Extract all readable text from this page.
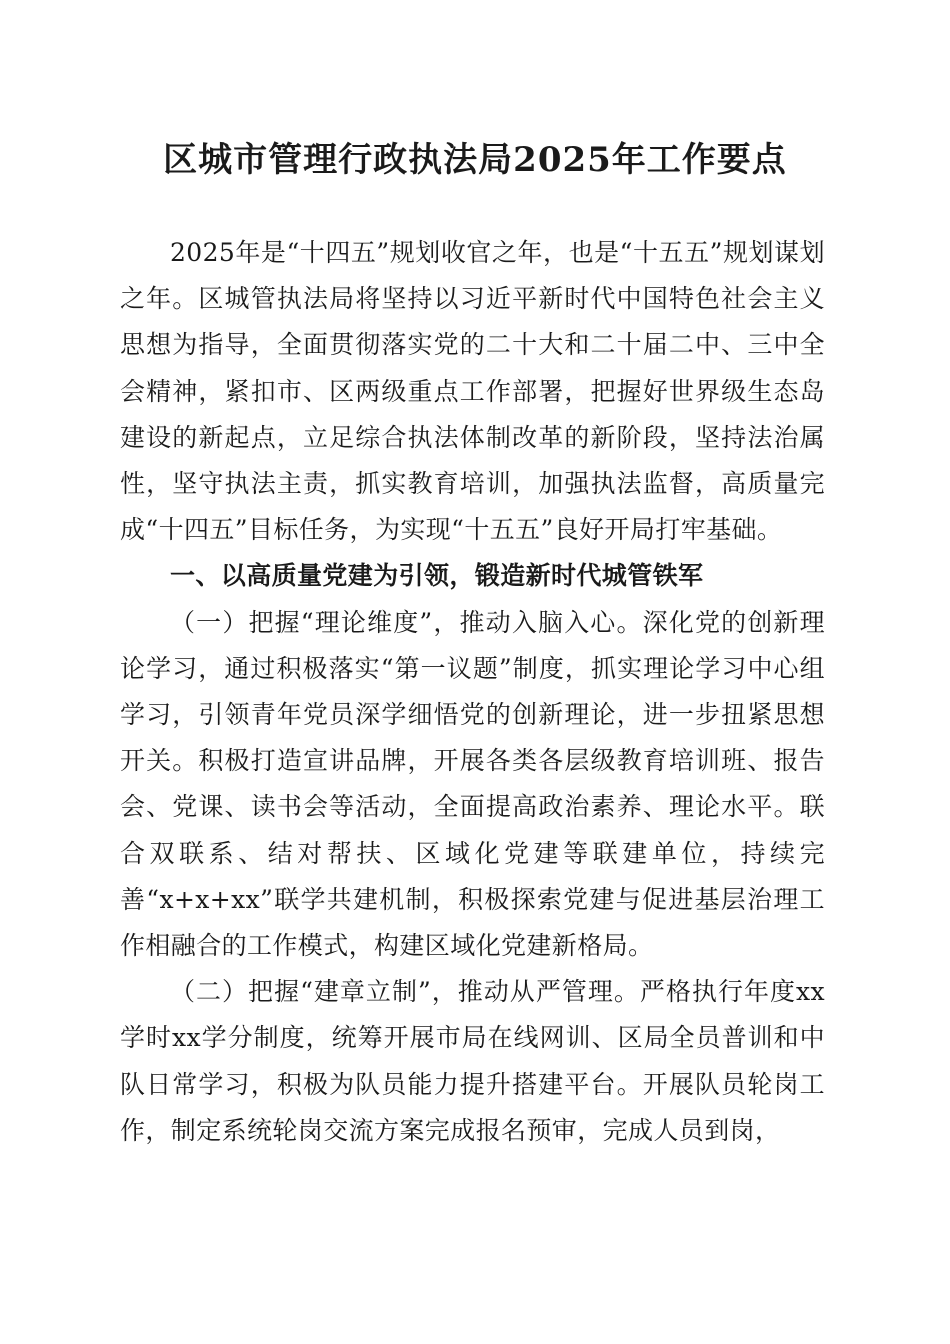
区城市管理行政执法局2025年工作要点

2025年是“十四五”规划收官之年，也是“十五五”规划谋划之年。区城管执法局将坚持以习近平新时代中国特色社会主义思想为指导，全面贯彻落实党的二十大和二十届二中、三中全会精神，紧扣市、区两级重点工作部署，把握好世界级生态岛建设的新起点，立足综合执法体制改革的新阶段，坚持法治属性，坚守执法主责，抓实教育培训，加强执法监督，高质量完成“十四五”目标任务，为实现“十五五”良好开局打牢基础。

一、以高质量党建为引领，锻造新时代城管铁军

（一）把握“理论维度”，推动入脑入心。深化党的创新理论学习，通过积极落实“第一议题”制度，抓实理论学习中心组学习，引领青年党员深学细悟党的创新理论，进一步扭紧思想开关。积极打造宣讲品牌，开展各类各层级教育培训班、报告会、党课、读书会等活动，全面提高政治素养、理论水平。联合双联系、结对帮扶、区域化党建等联建单位，持续完善“x+x+xx”联学共建机制，积极探索党建与促进基层治理工作相融合的工作模式，构建区域化党建新格局。

（二）把握“建章立制”，推动从严管理。严格执行年度xx学时xx学分制度，统筹开展市局在线网训、区局全员普训和中队日常学习，积极为队员能力提升搭建平台。开展队员轮岗工作，制定系统轮岗交流方案完成报名预审，完成人员到岗，
